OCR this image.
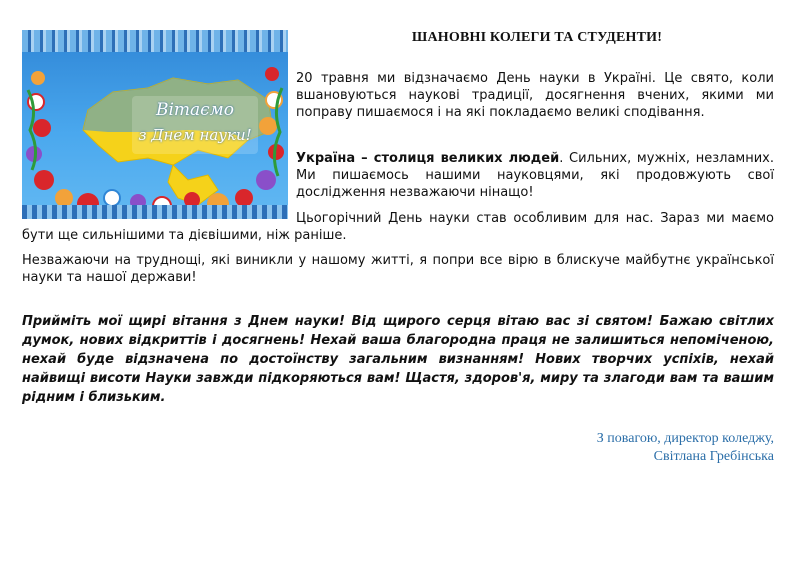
Вітаємо
з Днем науки!
ШАНОВНІ КОЛЕГИ ТА СТУДЕНТИ!
20 травня ми відзначаємо День науки в Україні. Це свято, коли вшановуються наукові традиції, досягнення вчених, якими ми поправу пишаємося і на які покладаємо великі сподівання.
Україна – столиця великих людей. Сильних, мужніх, незламних. Ми пишаємось нашими науковцями, які продовжують свої дослідження незважаючи нінащо!
Цьогорічний День науки став особливим для нас. Зараз ми маємо бути ще сильнішими та дієвішими, ніж раніше.
Незважаючи на труднощі, які виникли у нашому житті, я попри все вірю в блискуче майбутнє української науки та нашої держави!
Прийміть мої щирі вітання з Днем науки! Від щирого серця вітаю вас зі святом! Бажаю світлих думок, нових відкриттів і досягнень! Нехай ваша благородна праця не залишиться непоміченою, нехай буде відзначена по достоїнству загальним визнанням! Нових творчих успіхів, нехай найвищі висоти Науки завжди підкоряються вам! Щастя, здоров'я, миру та злагоди вам та вашим рідним і близьким.
З повагою, директор коледжу,
Світлана Гребінська
